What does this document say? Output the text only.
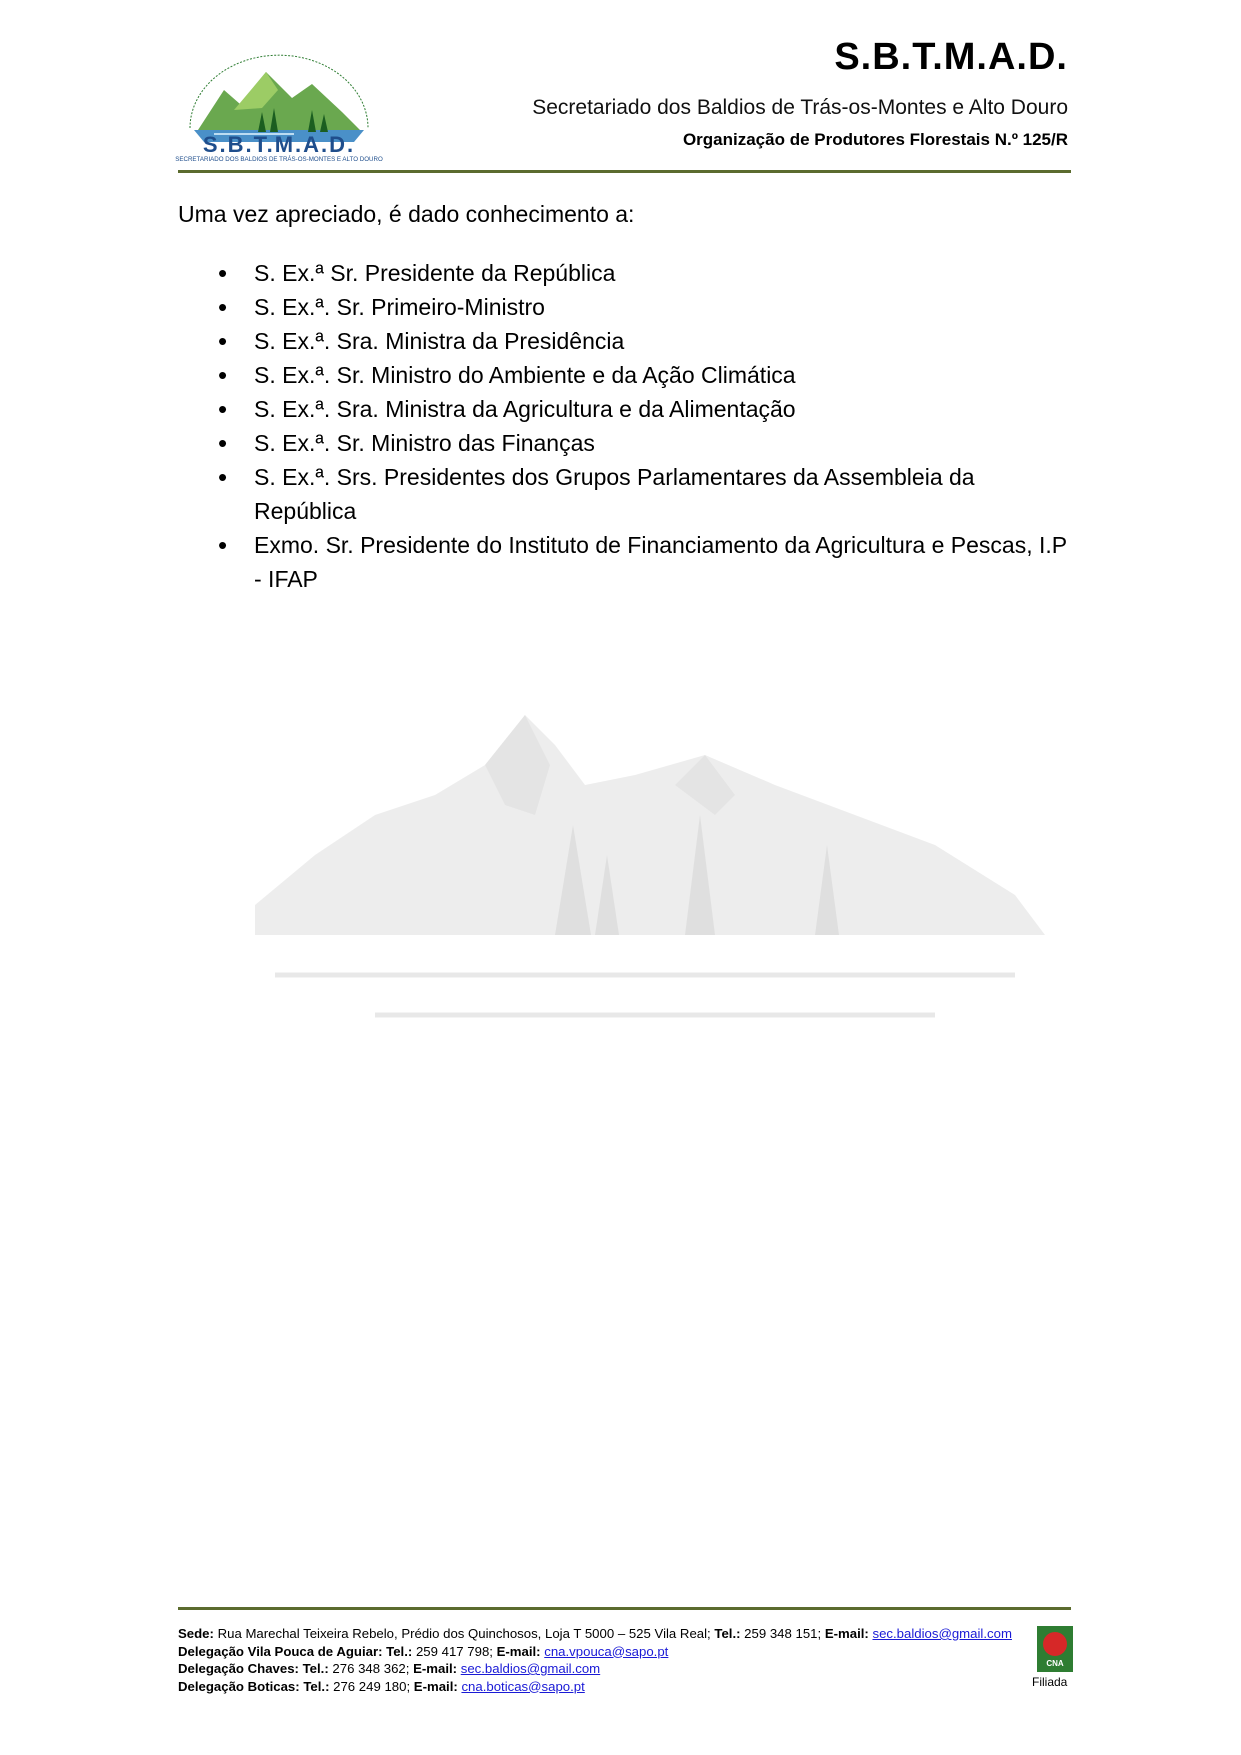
S.B.T.M.A.D.
SECRETARIADO DOS BALDIOS DE TRÁS-OS-MONTES E ALTO DOURO
S.B.T.M.A.D.
Secretariado dos Baldios de Trás-os-Montes e Alto Douro
Organização de Produtores Florestais N.º 125/R
Uma vez apreciado, é dado conhecimento a:
• S. Ex.ª Sr. Presidente da República
• S. Ex.ª. Sr. Primeiro-Ministro
• S. Ex.ª. Sra. Ministra da Presidência
• S. Ex.ª. Sr. Ministro do Ambiente e da Ação Climática
• S. Ex.ª. Sra. Ministra da Agricultura e da Alimentação
• S. Ex.ª. Sr. Ministro das Finanças
• S. Ex.ª. Srs. Presidentes dos Grupos Parlamentares da Assembleia da República
• Exmo. Sr. Presidente do Instituto de Financiamento da Agricultura e Pescas, I.P - IFAP
Sede: Rua Marechal Teixeira Rebelo, Prédio dos Quinchosos, Loja T 5000 – 525 Vila Real; Tel.: 259 348 151; E-mail: sec.baldios@gmail.com
Delegação Vila Pouca de Aguiar: Tel.: 259 417 798; E-mail: cna.vpouca@sapo.pt
Delegação Chaves: Tel.: 276 348 362; E-mail: sec.baldios@gmail.com
Delegação Boticas: Tel.: 276 249 180; E-mail: cna.boticas@sapo.pt
CNA
Filiada
